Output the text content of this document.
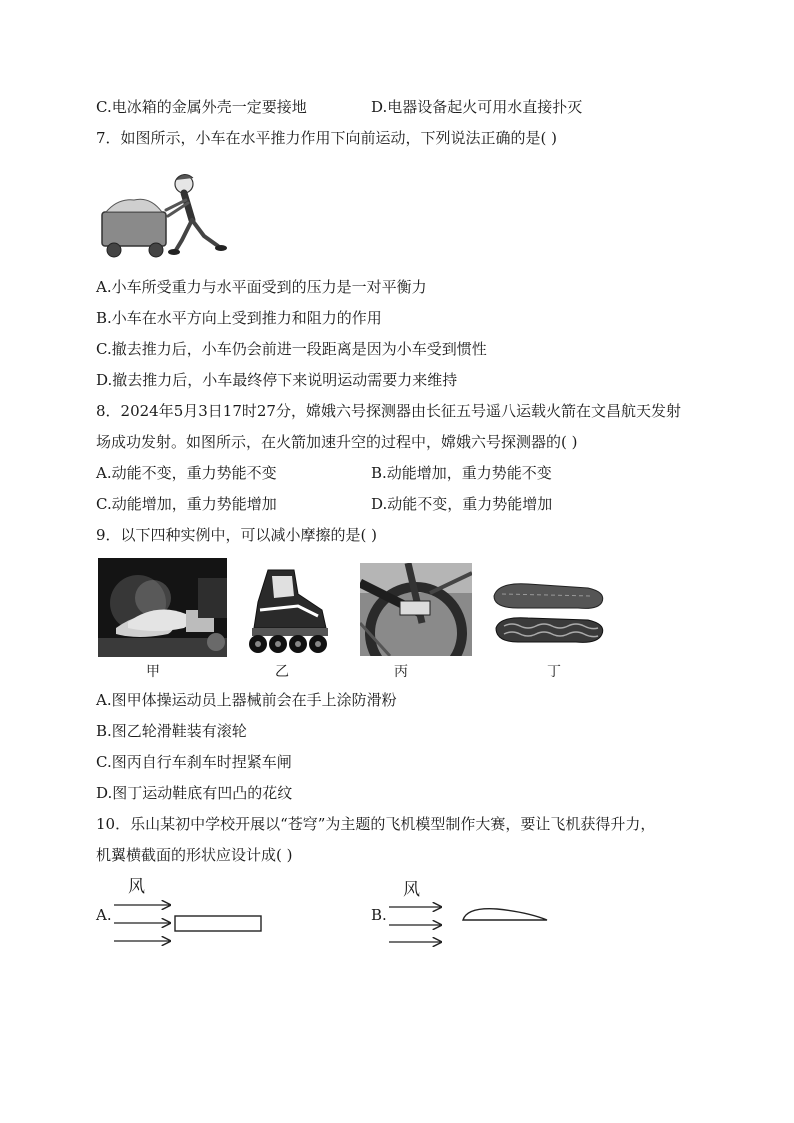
C.电冰箱的金属外壳一定要接地	D.电器设备起火可用水直接扑灭
7．如图所示，小车在水平推力作用下向前运动，下列说法正确的是( )
A.小车所受重力与水平面受到的压力是一对平衡力
B.小车在水平方向上受到推力和阻力的作用
C.撤去推力后，小车仍会前进一段距离是因为小车受到惯性
D.撤去推力后，小车最终停下来说明运动需要力来维持
8．2024年5月3日17时27分，嫦娥六号探测器由长征五号遥八运载火箭在文昌航天发射
场成功发射。如图所示，在火箭加速升空的过程中，嫦娥六号探测器的( )
A.动能不变，重力势能不变	B.动能增加，重力势能不变
C.动能增加，重力势能增加	D.动能不变，重力势能增加
9．以下四种实例中，可以减小摩擦的是( )
甲	乙	丙	丁
A.图甲体操运动员上器械前会在手上涂防滑粉
B.图乙轮滑鞋装有滚轮
C.图丙自行车刹车时捏紧车闸
D.图丁运动鞋底有凹凸的花纹
10．乐山某初中学校开展以“苍穹”为主题的飞机模型制作大赛，要让飞机获得升力，
机翼横截面的形状应设计成( )
风
A.
风
B.
